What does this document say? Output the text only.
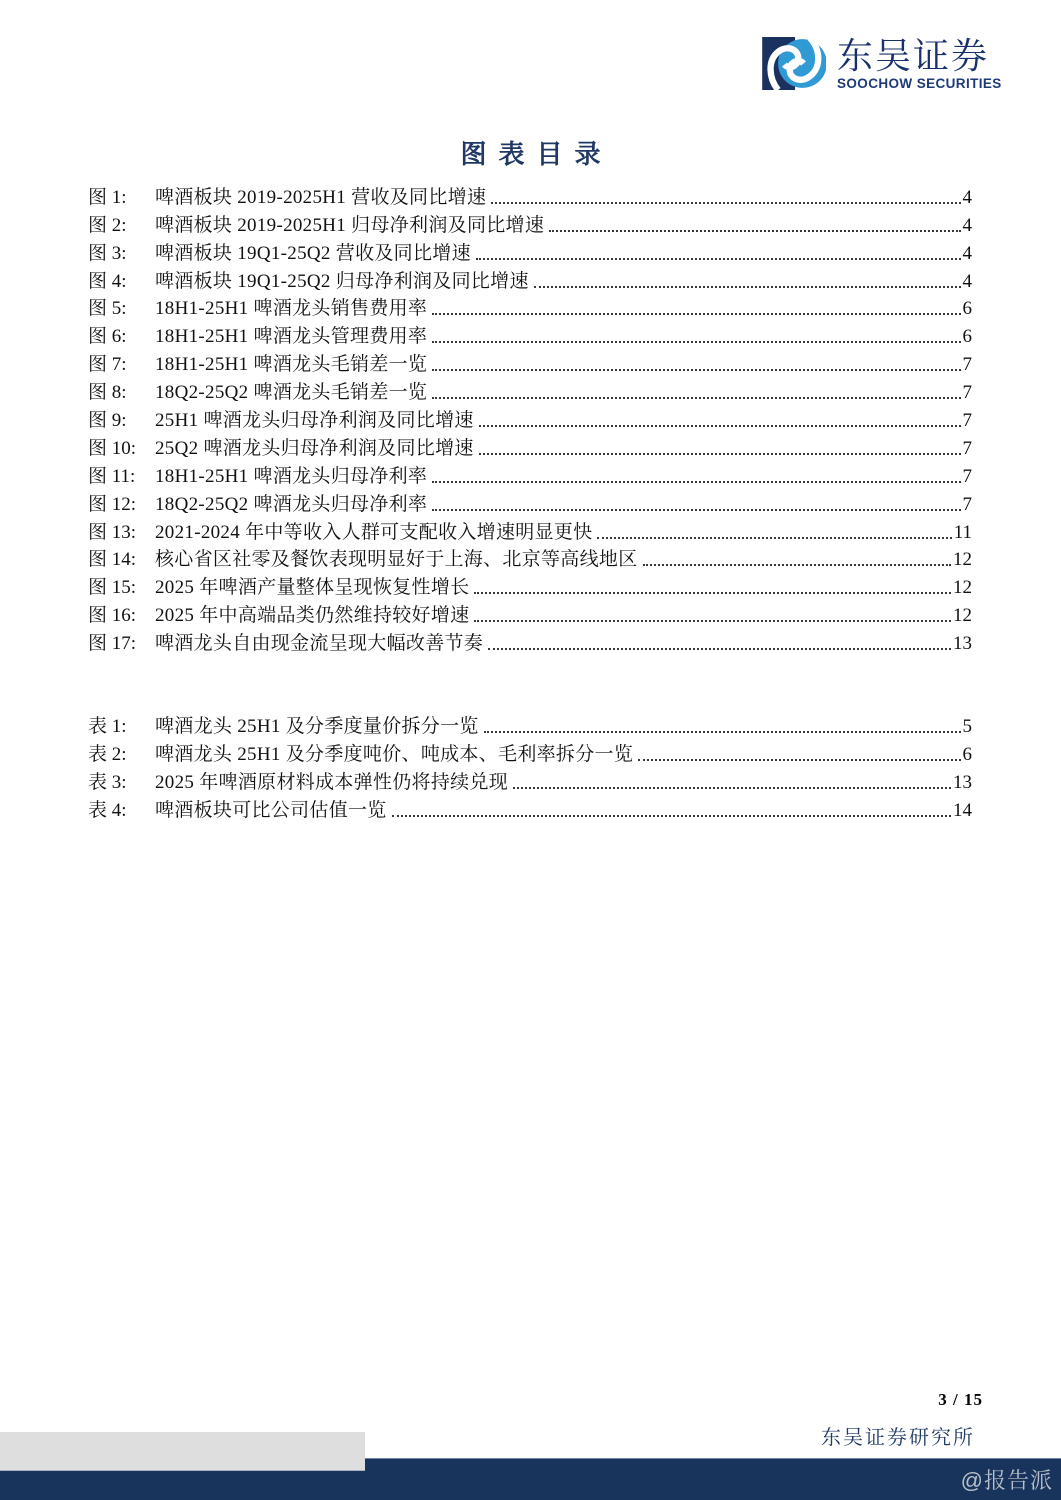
东吴证券
SOOCHOW SECURITIES
图表目录
图 1:	啤酒板块 2019-2025H1 营收及同比增速	4
图 2:	啤酒板块 2019-2025H1 归母净利润及同比增速	4
图 3:	啤酒板块 19Q1-25Q2 营收及同比增速	4
图 4:	啤酒板块 19Q1-25Q2 归母净利润及同比增速	4
图 5:	18H1-25H1 啤酒龙头销售费用率	6
图 6:	18H1-25H1 啤酒龙头管理费用率	6
图 7:	18H1-25H1 啤酒龙头毛销差一览	7
图 8:	18Q2-25Q2 啤酒龙头毛销差一览	7
图 9:	25H1 啤酒龙头归母净利润及同比增速	7
图 10: 25Q2 啤酒龙头归母净利润及同比增速	7
图 11:	18H1-25H1 啤酒龙头归母净利率	7
图 12: 18Q2-25Q2 啤酒龙头归母净利率	7
图 13: 2021-2024 年中等收入人群可支配收入增速明显更快	11
图 14: 核心省区社零及餐饮表现明显好于上海、北京等高线地区	12
图 15: 2025 年啤酒产量整体呈现恢复性增长	12
图 16: 2025 年中高端品类仍然维持较好增速	12
图 17: 啤酒龙头自由现金流呈现大幅改善节奏	13
表 1:	啤酒龙头 25H1 及分季度量价拆分一览	5
表 2:	啤酒龙头 25H1 及分季度吨价、吨成本、毛利率拆分一览	6
表 3:	2025 年啤酒原材料成本弹性仍将持续兑现	13
表 4:	啤酒板块可比公司估值一览	14
3 / 15
东吴证券研究所
@报告派
